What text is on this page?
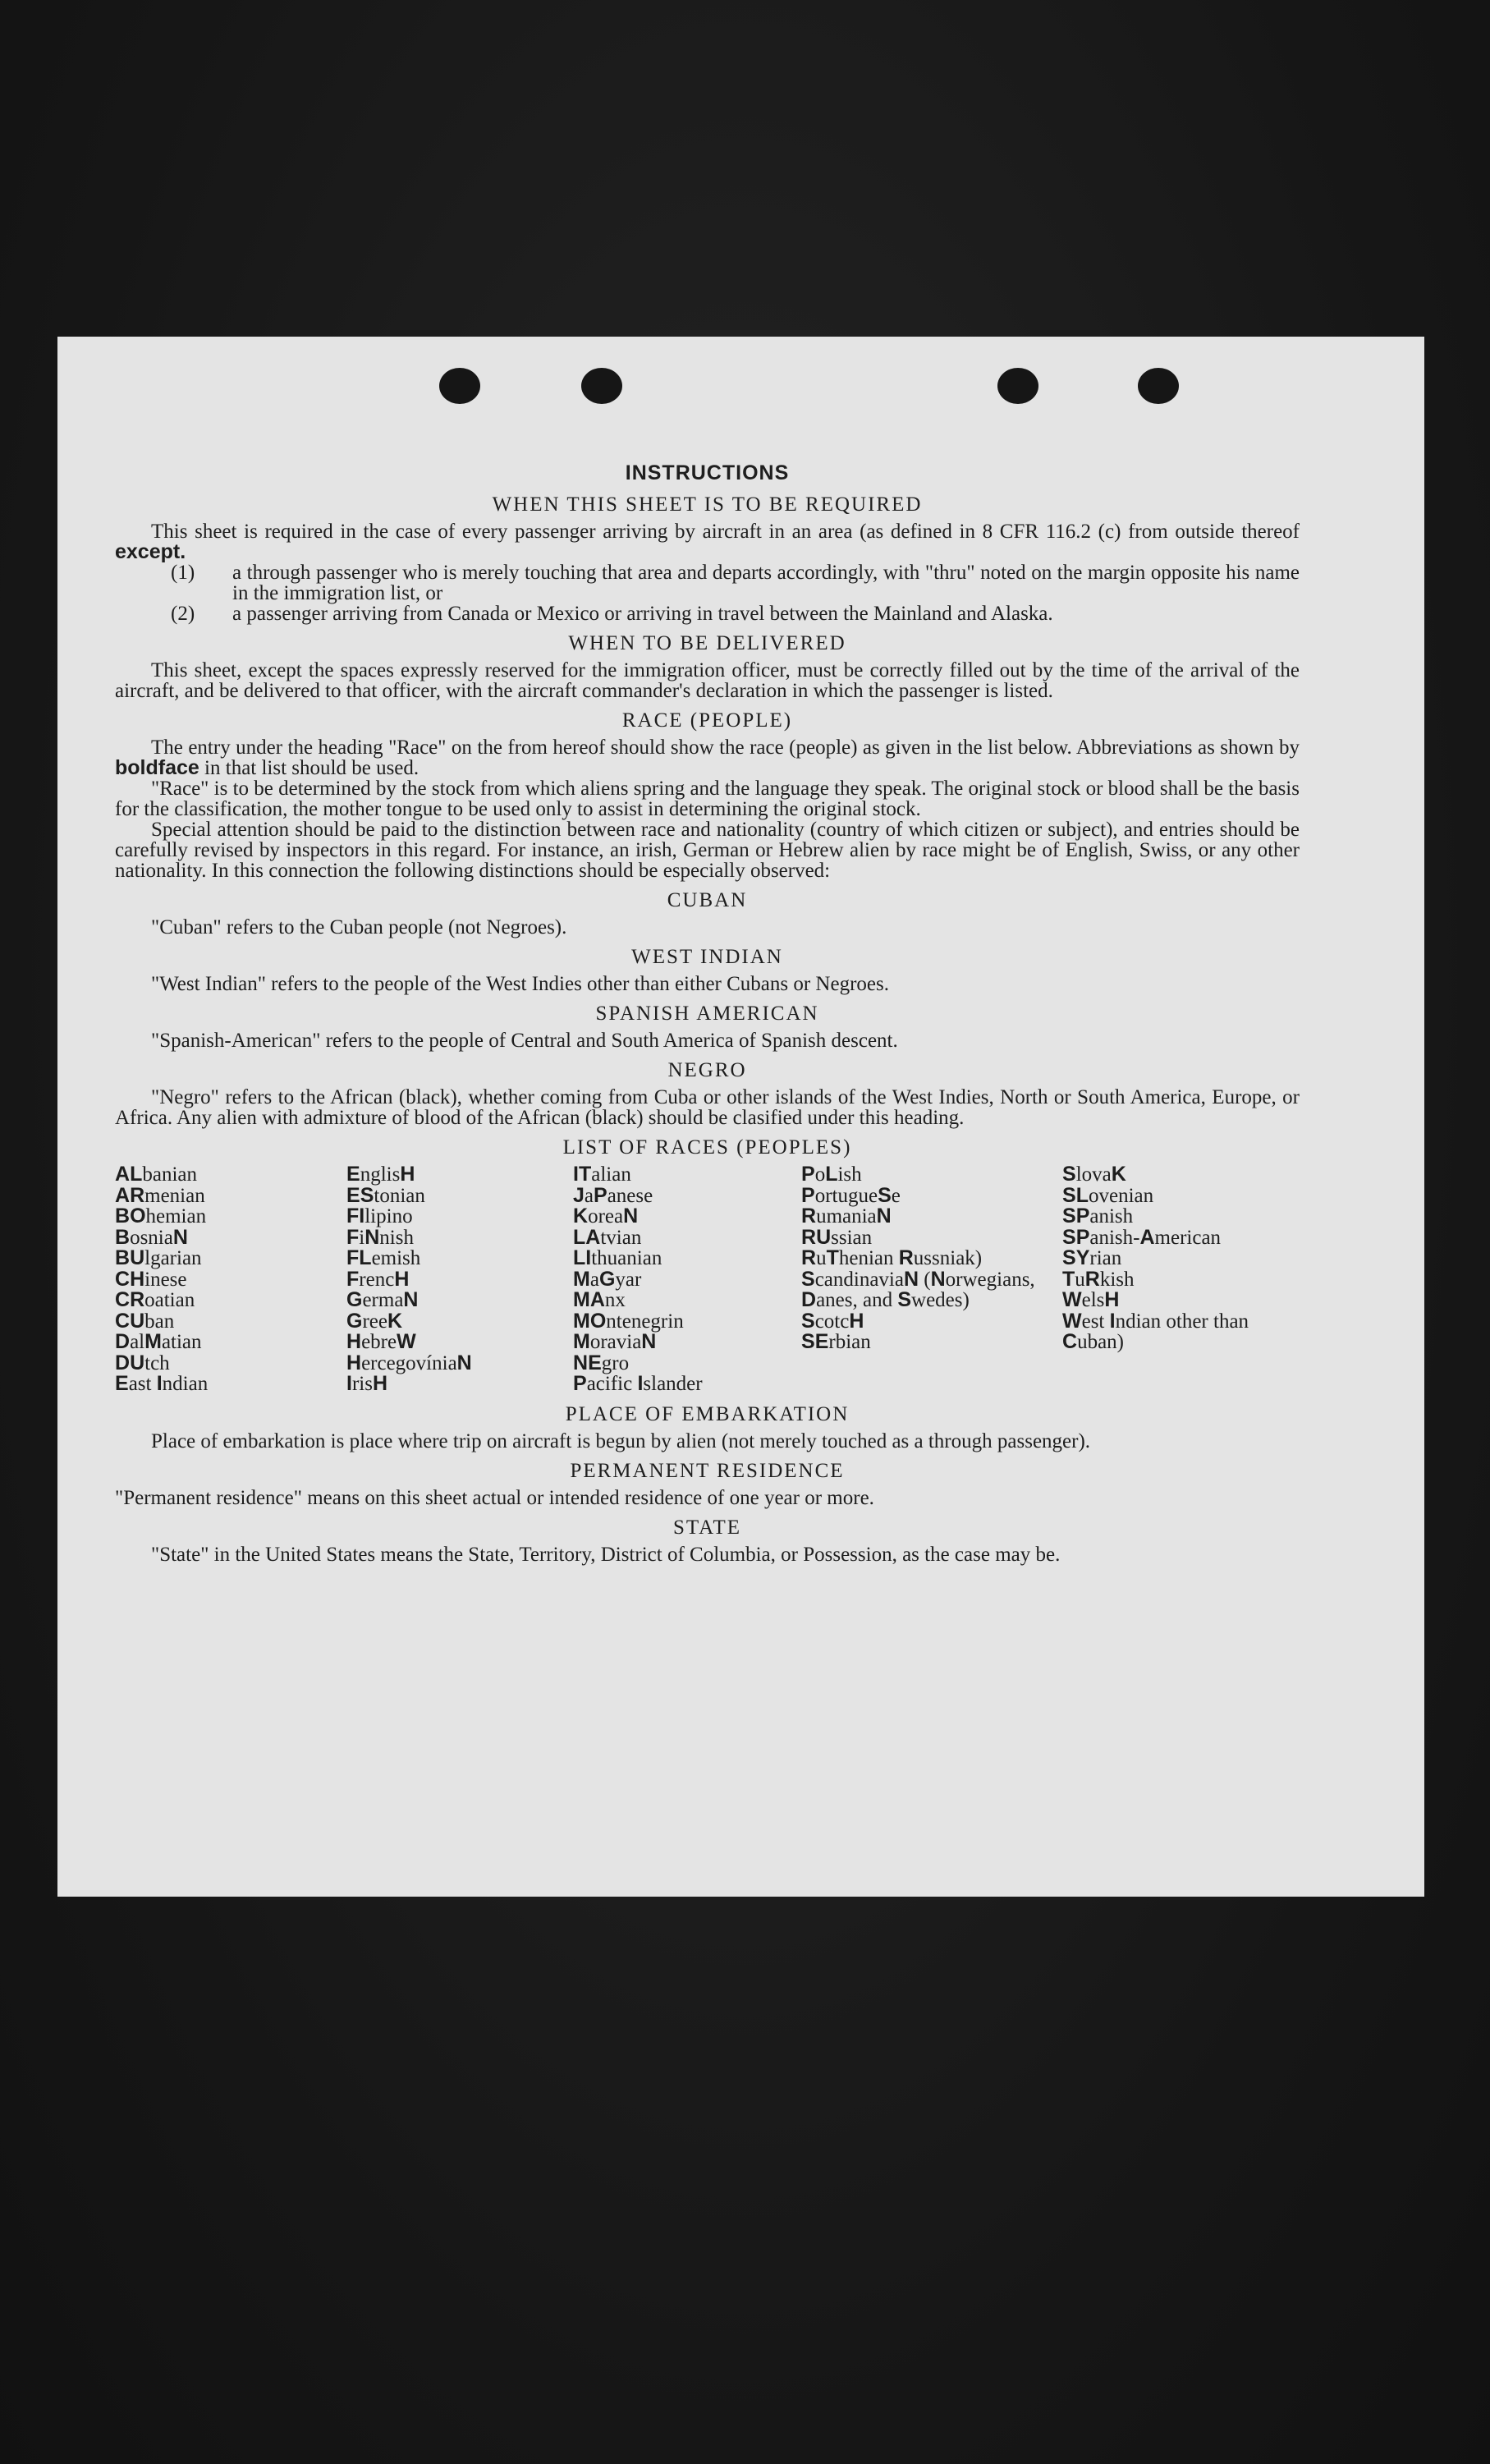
INSTRUCTIONS
WHEN THIS SHEET IS TO BE REQUIRED

This sheet is required in the case of every passenger arriving by aircraft in an area (as defined in 8 CFR 116.2 (c) from outside thereof except.

(1)	a through passenger who is merely touching that area and departs accordingly, with "thru" noted on the margin opposite his name in the immigration list, or
(2)	a passenger arriving from Canada or Mexico or arriving in travel between the Mainland and Alaska.
WHEN TO BE DELIVERED

This sheet, except the spaces expressly reserved for the immigration officer, must be correctly filled out by the time of the arrival of the aircraft, and be delivered to that officer, with the aircraft commander's declaration in which the passenger is listed.

RACE (PEOPLE)

The entry under the heading "Race" on the from hereof should show the race (people) as given in the list below. Abbreviations as shown by boldface in that list should be used.

"Race" is to be determined by the stock from which aliens spring and the language they speak. The original stock or blood shall be the basis for the classification, the mother tongue to be used only to assist in determining the original stock.

Special attention should be paid to the distinction between race and nationality (country of which citizen or subject), and entries should be carefully revised by inspectors in this regard. For instance, an irish, German or Hebrew alien by race might be of English, Swiss, or any other nationality. In this connection the following distinctions should be especially observed:

CUBAN

"Cuban" refers to the Cuban people (not Negroes).

WEST INDIAN

"West Indian" refers to the people of the West Indies other than either Cubans or Negroes.

SPANISH AMERICAN

"Spanish-American" refers to the people of Central and South America of Spanish descent.

NEGRO

"Negro" refers to the African (black), whether coming from Cuba or other islands of the West Indies, North or South America, Europe, or Africa. Any alien with admixture of blood of the African (black) should be clasified under this heading.

LIST OF RACES (PEOPLES)
ALbanian
ARmenian
BOhemian
BosniaN
BUlgarian
CHinese
CRoatian
CUban
DalMatian
DUtch
East Indian
EnglisH
EStonian
FIlipino
FiNnish
FLemish
FrencH
GermaN
GreeK
HebreW
HercegovíniaN
IrisH
ITalian
JaPanese
KoreaN
LAtvian
LIthuanian
MaGyar
MAnx
MOntenegrin
MoraviaN
NEgro
Pacific Islander
PoLish
PortugueSe
RumaniaN
RUssian
RuThenian Russniak)
ScandinaviaN (Norwegians, Danes, and Swedes)
ScotcH
SErbian
SlovaK
SLovenian
SPanish
SPanish-American
SYrian
TuRkish
WelsH
West Indian other than Cuban)
PLACE OF EMBARKATION

Place of embarkation is place where trip on aircraft is begun by alien (not merely touched as a through passenger).

PERMANENT RESIDENCE

"Permanent residence" means on this sheet actual or intended residence of one year or more.

STATE

"State" in the United States means the State, Territory, District of Columbia, or Possession, as the case may be.
